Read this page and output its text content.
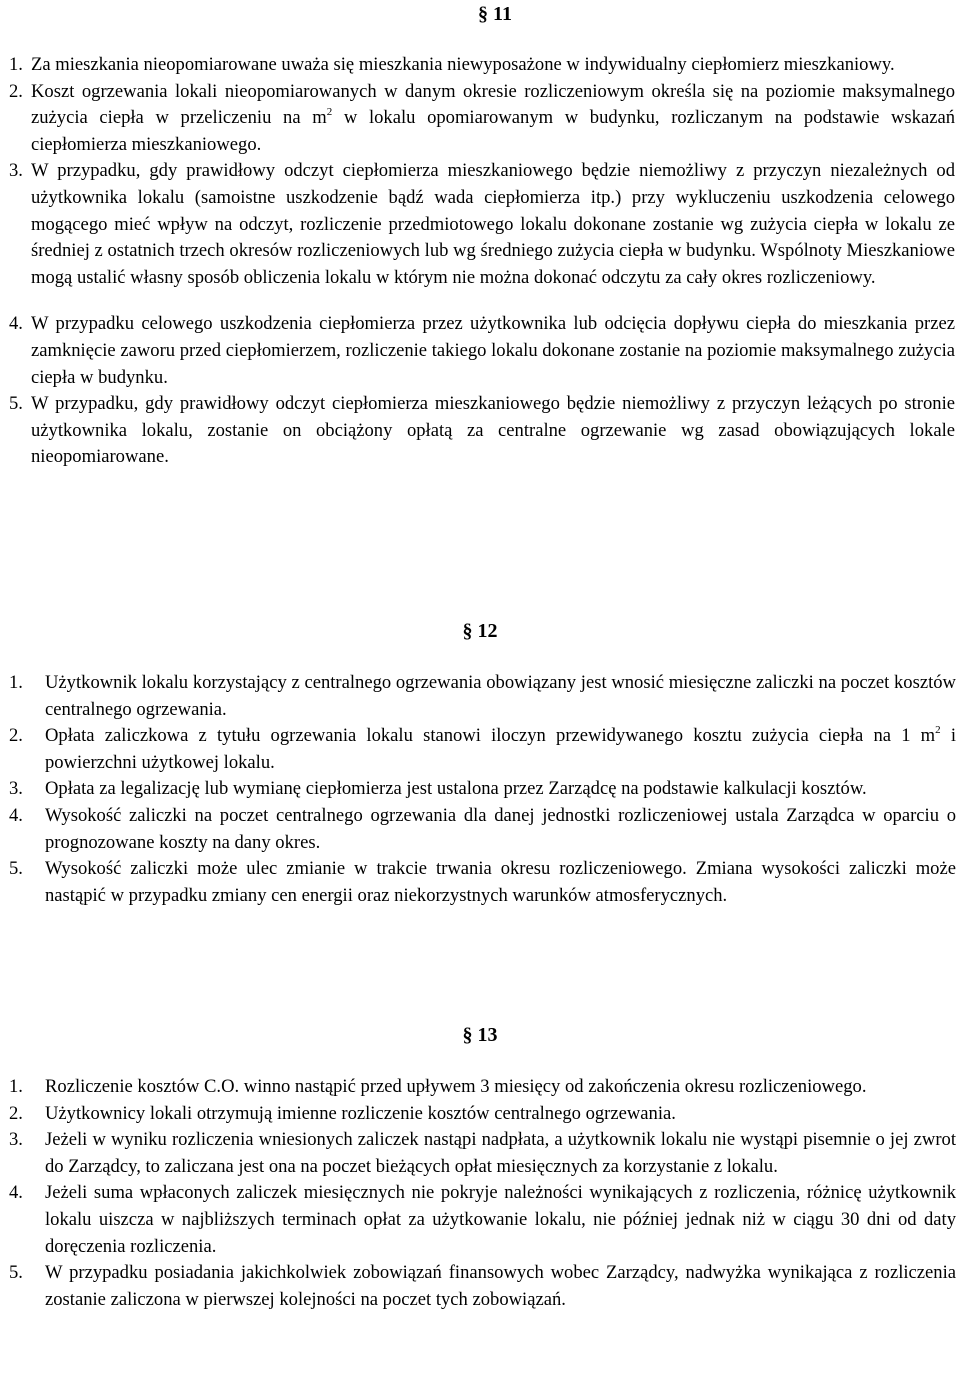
§ 11
1. Za mieszkania nieopomiarowane uważa się mieszkania niewyposażone w indywidualny ciepłomierz mieszkaniowy.
2. Koszt ogrzewania lokali nieopomiarowanych w danym okresie rozliczeniowym określa się na poziomie maksymalnego zużycia ciepła w przeliczeniu na $m^2$ w lokalu opomiarowanym w budynku, rozliczanym na podstawie wskazań ciepłomierza mieszkaniowego.
3. W przypadku, gdy prawidłowy odczyt ciepłomierza mieszkaniowego będzie niemożliwy z przyczyn niezależnych od użytkownika lokalu (samoistne uszkodzenie bądź wada ciepłomierza itp.) przy wykluczeniu uszkodzenia celowego mogącego mieć wpływ na odczyt, rozliczenie przedmiotowego lokalu dokonane zostanie wg zużycia ciepła w lokalu ze średniej z ostatnich trzech okresów rozliczeniowych lub wg średniego zużycia ciepła w budynku. Wspólnoty Mieszkaniowe mogą ustalić własny sposób obliczenia lokalu w którym nie można dokonać odczytu za cały okres rozliczeniowy.
4. W przypadku celowego uszkodzenia ciepłomierza przez użytkownika lub odcięcia dopływu ciepła do mieszkania przez zamknięcie zaworu przed ciepłomierzem, rozliczenie takiego lokalu dokonane zostanie na poziomie maksymalnego zużycia ciepła w budynku.
5. W przypadku, gdy prawidłowy odczyt ciepłomierza mieszkaniowego będzie niemożliwy z przyczyn leżących po stronie użytkownika lokalu, zostanie on obciążony opłatą za centralne ogrzewanie wg zasad obowiązujących lokale nieopomiarowane.
§ 12
1. Użytkownik lokalu korzystający z centralnego ogrzewania obowiązany jest wnosić miesięczne zaliczki na poczet kosztów centralnego ogrzewania.
2. Opłata zaliczkowa z tytułu ogrzewania lokalu stanowi iloczyn przewidywanego kosztu zużycia ciepła na 1 $m^2$ i powierzchni użytkowej lokalu.
3. Opłata za legalizację lub wymianę ciepłomierza jest ustalona przez Zarządcę na podstawie kalkulacji kosztów.
4. Wysokość zaliczki na poczet centralnego ogrzewania dla danej jednostki rozliczeniowej ustala Zarządca w oparciu o prognozowane koszty na dany okres.
5. Wysokość zaliczki może ulec zmianie w trakcie trwania okresu rozliczeniowego. Zmiana wysokości zaliczki może nastąpić w przypadku zmiany cen energii oraz niekorzystnych warunków atmosferycznych.
§ 13
1. Rozliczenie kosztów C.O. winno nastąpić przed upływem 3 miesięcy od zakończenia okresu rozliczeniowego.
2. Użytkownicy lokali otrzymują imienne rozliczenie kosztów centralnego ogrzewania.
3. Jeżeli w wyniku rozliczenia wniesionych zaliczek nastąpi nadpłata, a użytkownik lokalu nie wystąpi pisemnie o jej zwrot do Zarządcy, to zaliczana jest ona na poczet bieżących opłat miesięcznych za korzystanie z lokalu.
4. Jeżeli suma wpłaconych zaliczek miesięcznych nie pokryje należności wynikających z rozliczenia, różnicę użytkownik lokalu uiszcza w najbliższych terminach opłat za użytkowanie lokalu, nie później jednak niż w ciągu 30 dni od daty doręczenia rozliczenia.
5. W przypadku posiadania jakichkolwiek zobowiązań finansowych wobec Zarządcy, nadwyżka wynikająca z rozliczenia zostanie zaliczona w pierwszej kolejności na poczet tych zobowiązań.
